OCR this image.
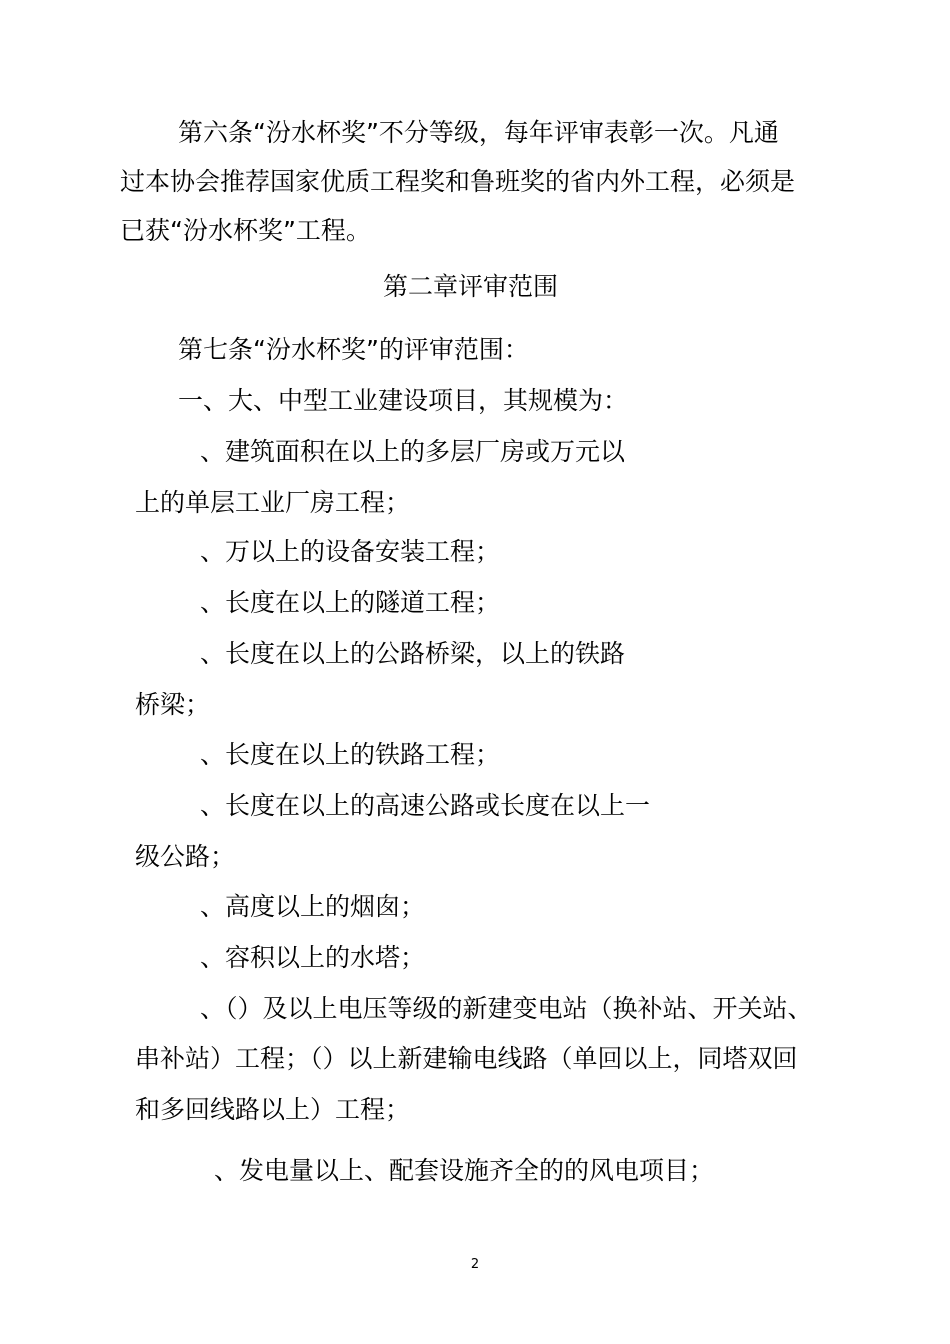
第六条“汾水杯奖”不分等级，每年评审表彰一次。凡通

过本协会推荐国家优质工程奖和鲁班奖的省内外工程，必须是

已获“汾水杯奖”工程。

第二章评审范围

第七条“汾水杯奖”的评审范围：

一、大、中型工业建设项目，其规模为：

、建筑面积在以上的多层厂房或万元以

上的单层工业厂房工程；

、万以上的设备安装工程；

、长度在以上的隧道工程；

、长度在以上的公路桥梁，以上的铁路

桥梁；

、长度在以上的铁路工程；

、长度在以上的高速公路或长度在以上一

级公路；

、高度以上的烟囱；

、容积以上的水塔；

、（）及以上电压等级的新建变电站（换补站、开关站、

串补站）工程；（）以上新建输电线路（单回以上，同塔双回

和多回线路以上）工程；

、发电量以上、配套设施齐全的的风电项目；

2
